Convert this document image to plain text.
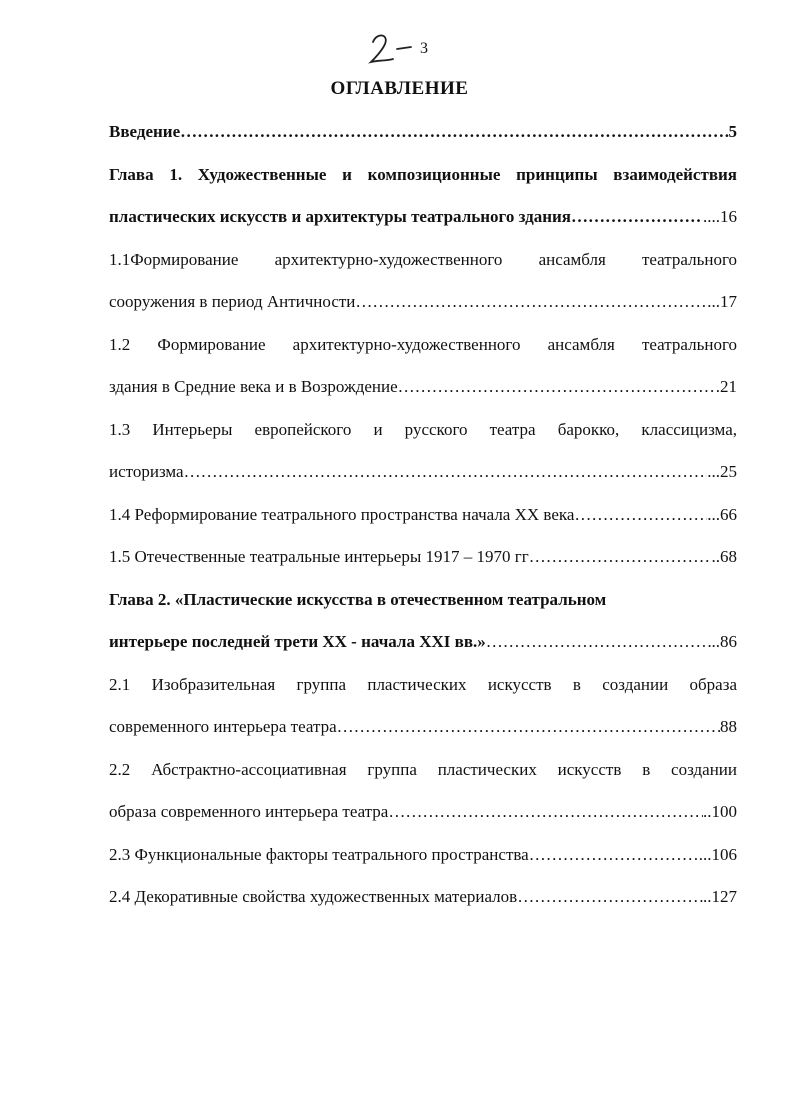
3
ОГЛАВЛЕНИЕ
Введение …………………………………………………………………………………………………………………………………………………………………………………………	5
Глава 1. Художественные и композиционные принципы взаимодействия
пластических искусств и архитектуры театрального здания …………………………………………………………………………………………………………………………………………………………………………………………	....16
1.1Формирование архитектурно-художественного ансамбля театрального
сооружения в период Античности …………………………………………………………………………………………………………………………………………………………………………………………	...17
1.2 Формирование архитектурно-художественного ансамбля театрального
здания в Средние века и в Возрождение …………………………………………………………………………………………………………………………………………………………………………………………	.21
1.3 Интерьеры европейского и русского театра барокко, классицизма,
историзма …………………………………………………………………………………………………………………………………………………………………………………………	...25
1.4 Реформирование театрального пространства начала XX века …………………………………………………………………………………………………………………………………………………………………………………………	...66
1.5 Отечественные театральные интерьеры 1917 – 1970 гг …………………………………………………………………………………………………………………………………………………………………………………………	..68
Глава 2. «Пластические искусства в отечественном театральном
интерьере последней трети XX - начала XXI вв.» …………………………………………………………………………………………………………………………………………………………………………………………	..86
2.1 Изобразительная группа пластических искусств в создании образа
современного интерьера театра …………………………………………………………………………………………………………………………………………………………………………………………	88
2.2 Абстрактно-ассоциативная группа пластических искусств в создании
образа современного интерьера театра …………………………………………………………………………………………………………………………………………………………………………………………	..100
2.3 Функциональные факторы театрального пространства …………………………………………………………………………………………………………………………………………………………………………………………	...106
2.4 Декоративные свойства художественных материалов …………………………………………………………………………………………………………………………………………………………………………………………	..127
